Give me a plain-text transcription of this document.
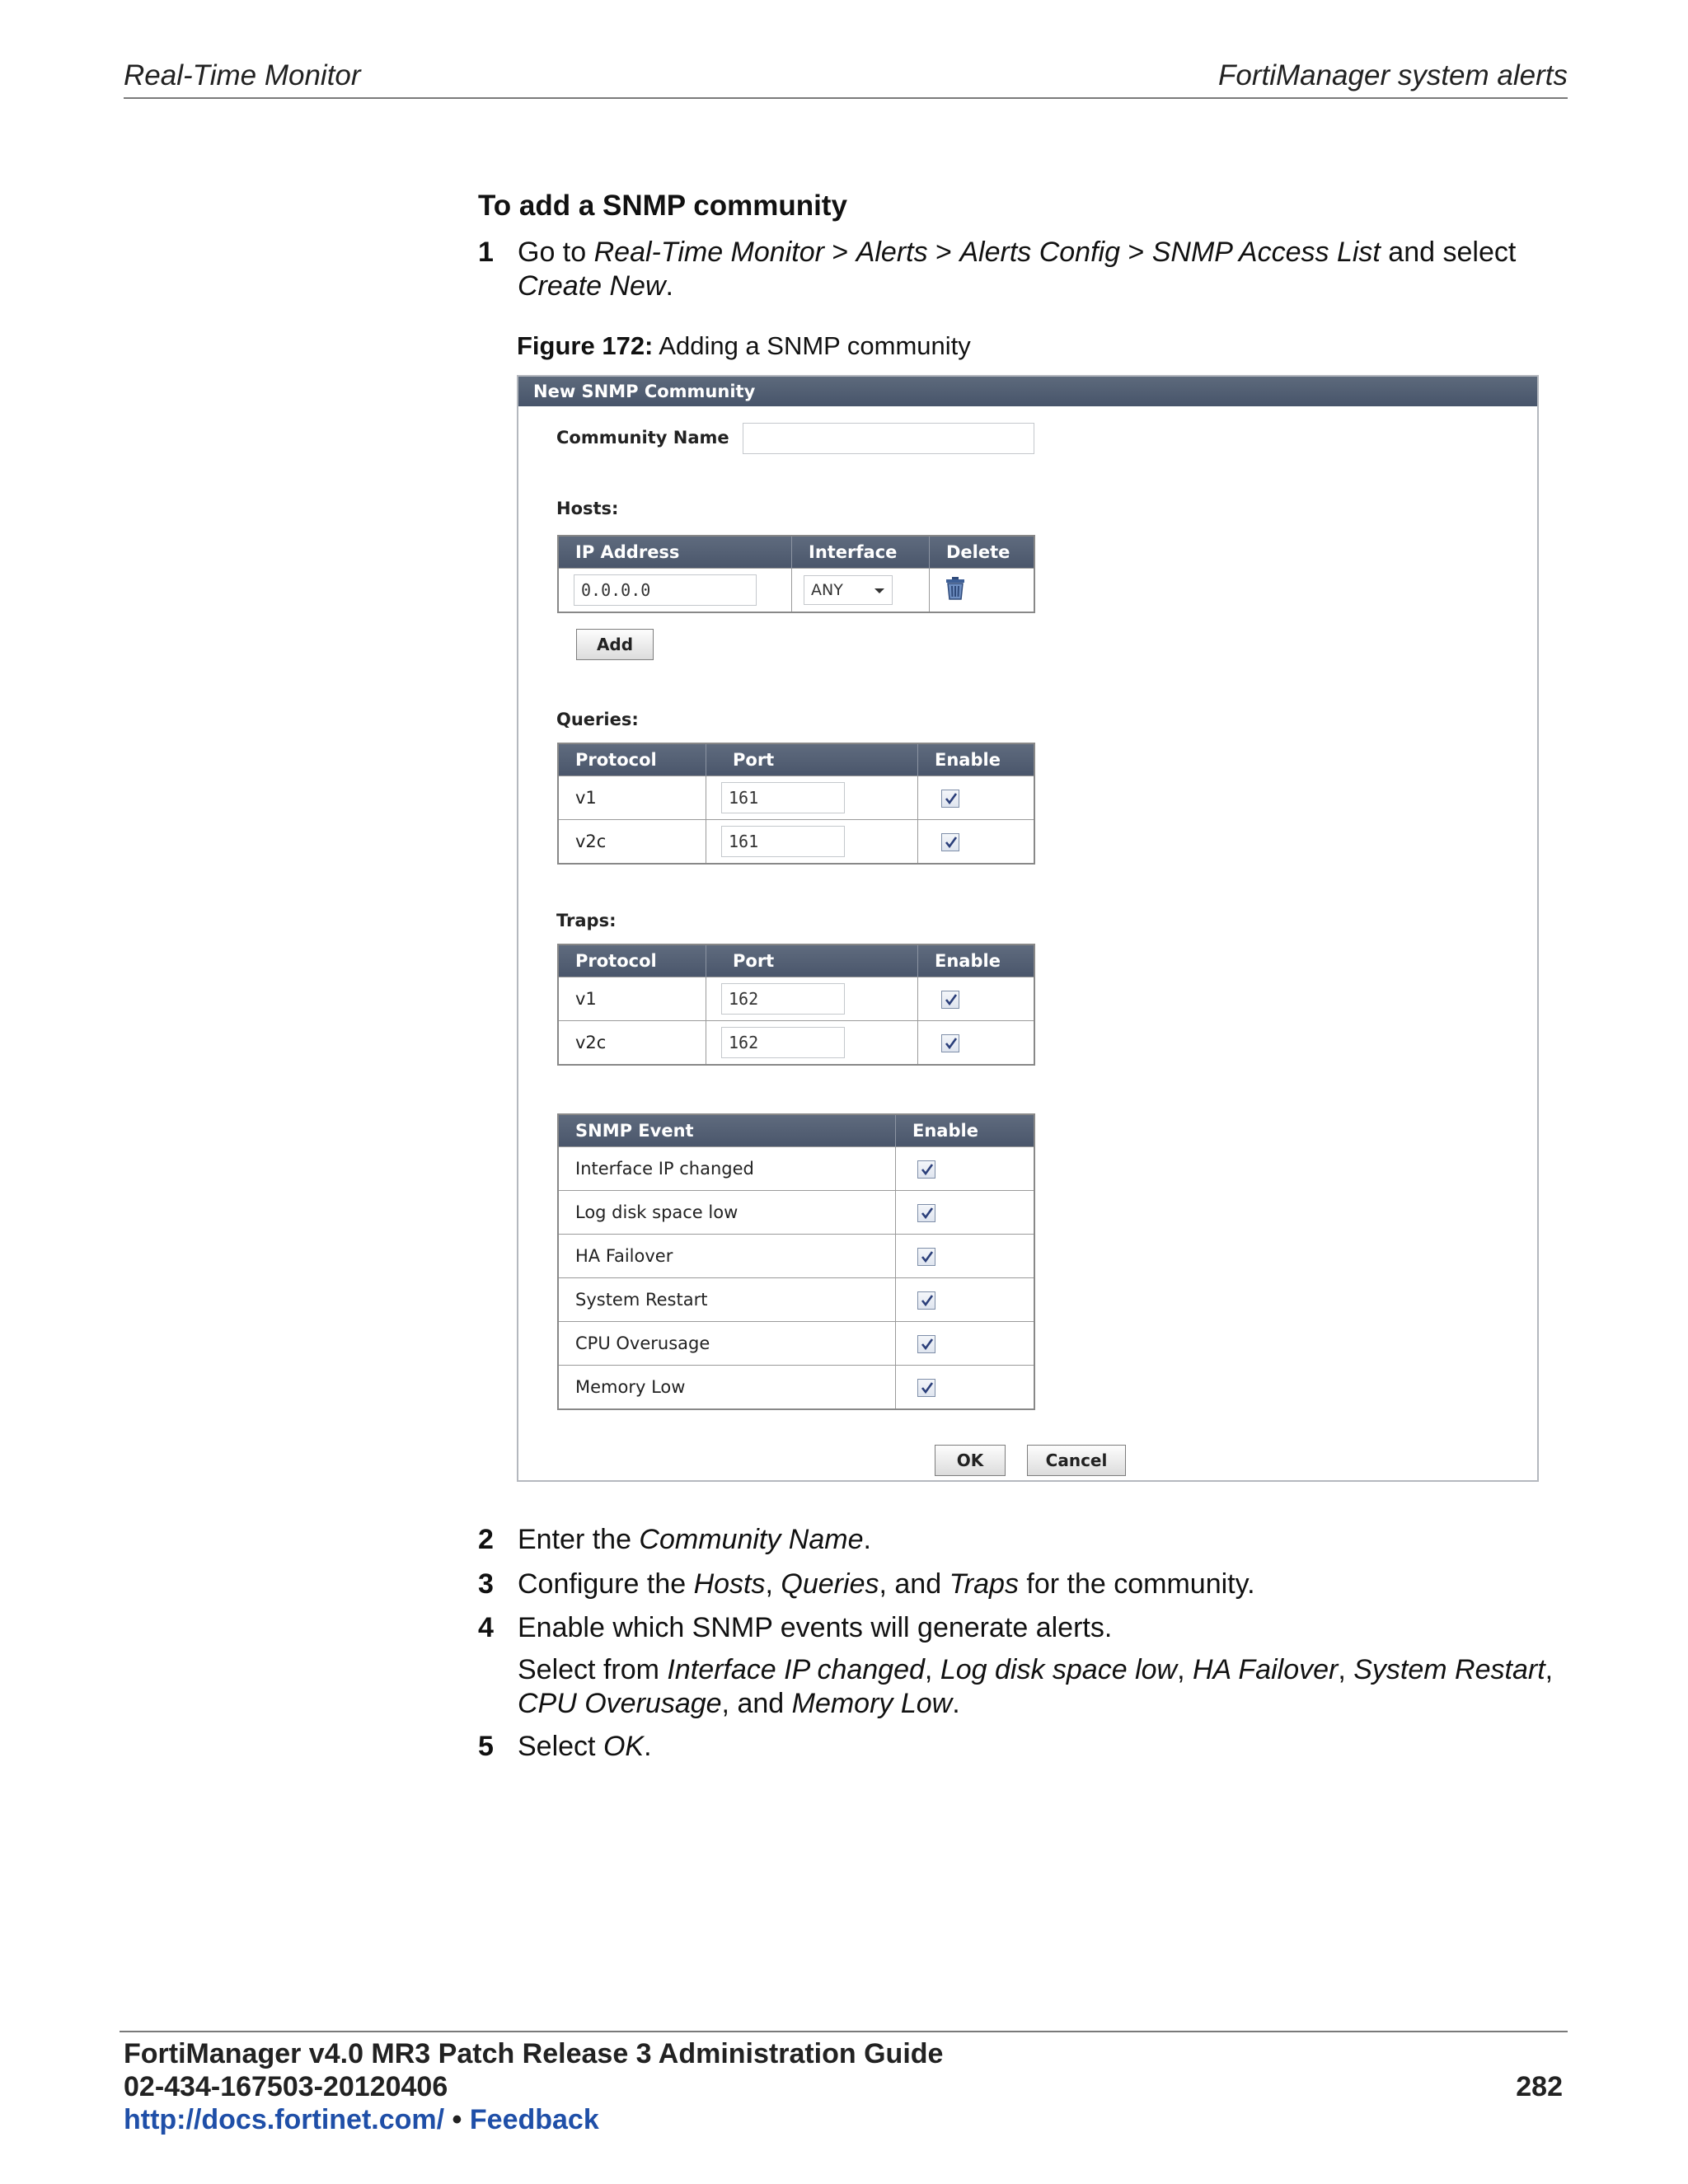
Real-Time Monitor	FortiManager system alerts
To add a SNMP community
1 Go to Real-Time Monitor > Alerts > Alerts Config > SNMP Access List and select
Create New.
Figure 172: Adding a SNMP community
New SNMP Community
Community Name
Hosts:
IP Address	Interface	Delete
0.0.0.0	ANY

Add
Queries:
Protocol	Port	Enable
v1	161	

v2c	161	
Traps:
Protocol	Port	Enable
v1	162	

v2c	162	
SNMP Event	Enable
Interface IP changed	

Log disk space low	

HA Failover	

System Restart	

CPU Overusage	

Memory Low	
OK	Cancel
2 Enter the Community Name.
3 Configure the Hosts, Queries, and Traps for the community.
4 Enable which SNMP events will generate alerts.
Select from Interface IP changed, Log disk space low, HA Failover, System Restart,
CPU Overusage, and Memory Low.
5 Select OK.
FortiManager v4.0 MR3 Patch Release 3 Administration Guide
02-434-167503-20120406
http://docs.fortinet.com/ • Feedback
282
